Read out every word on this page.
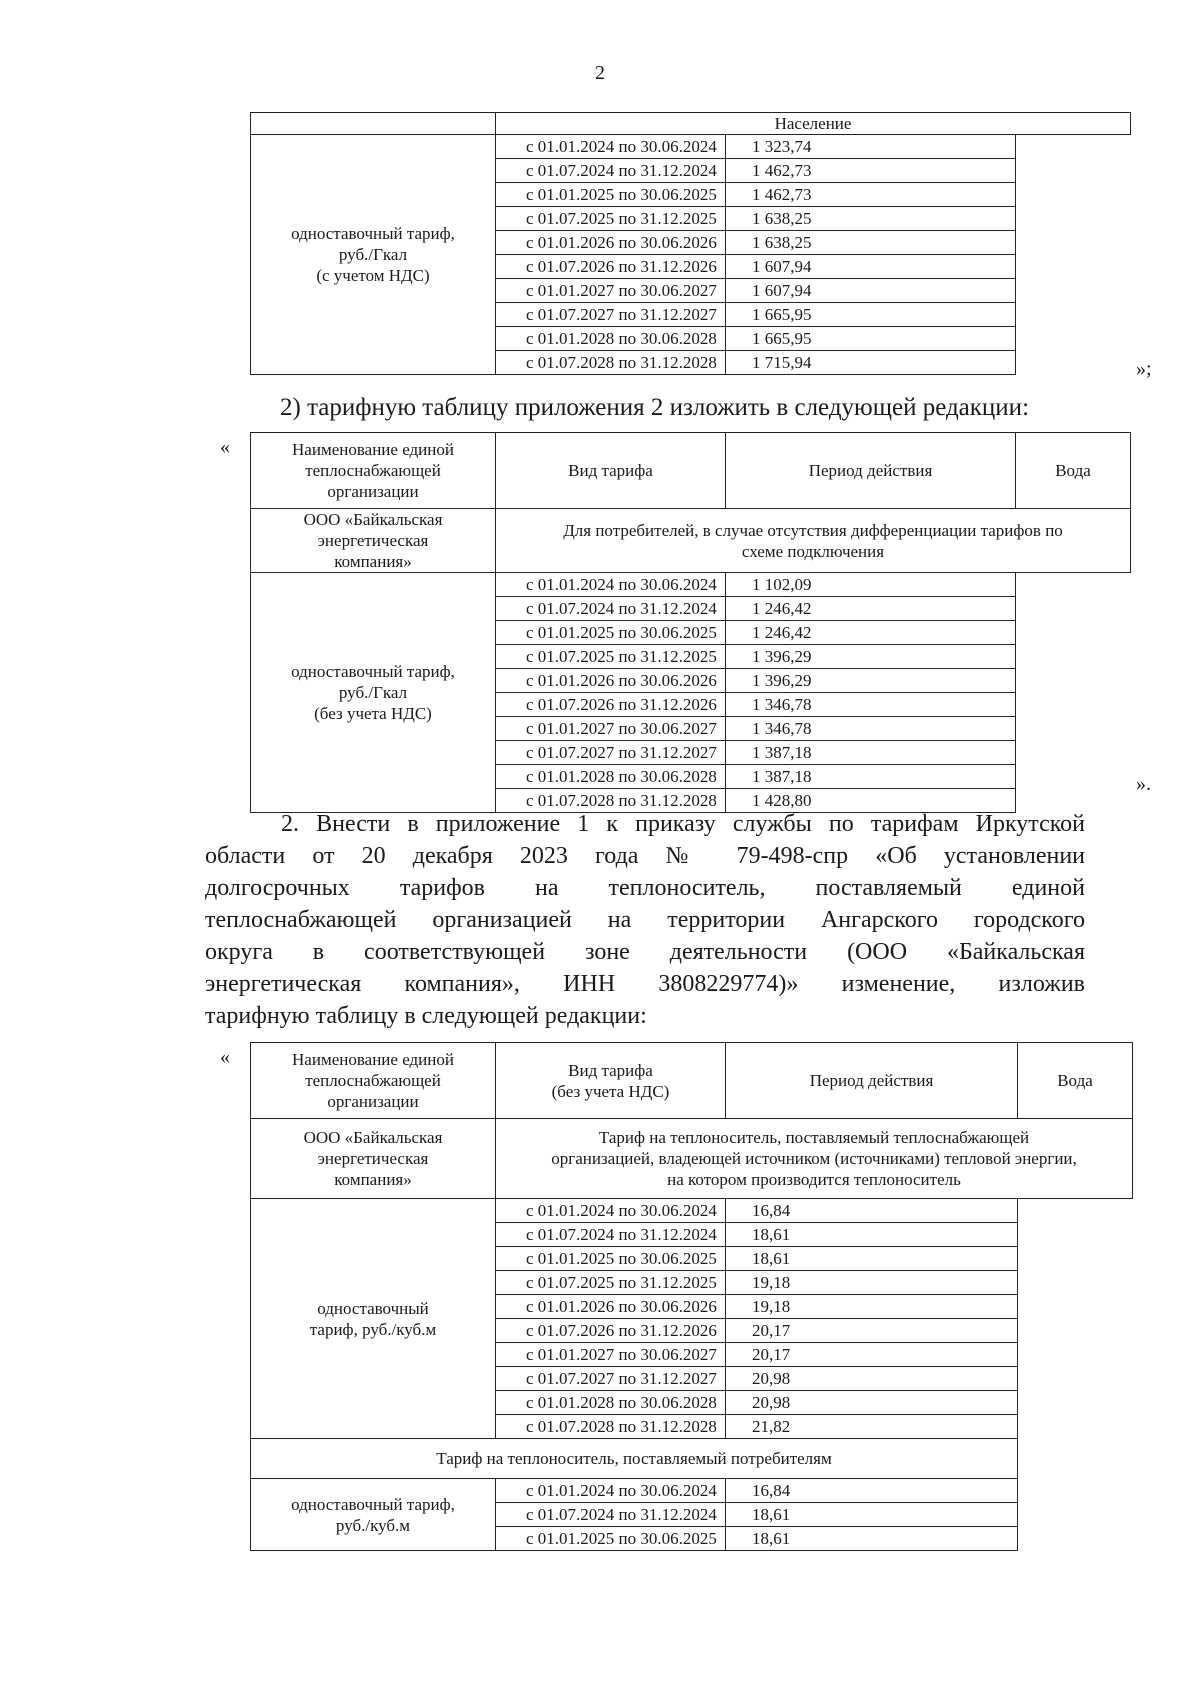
2
	Население	
одноставочный тариф,
руб./Гкал
(с учетом НДС)	с 01.01.2024 по 30.06.2024	1 323,74
	с 01.07.2024 по 31.12.2024	1 462,73
	с 01.01.2025 по 30.06.2025	1 462,73
	с 01.07.2025 по 31.12.2025	1 638,25
	с 01.01.2026 по 30.06.2026	1 638,25
	с 01.07.2026 по 31.12.2026	1 607,94
	с 01.01.2027 по 30.06.2027	1 607,94
	с 01.07.2027 по 31.12.2027	1 665,95
	с 01.01.2028 по 30.06.2028	1 665,95
	с 01.07.2028 по 31.12.2028	1 715,94	»;
2) тарифную таблицу приложения 2 изложить в следующей редакции:
«	Наименование единой
теплоснабжающей
организации	Вид тарифа	Период действия	Вода
ООО «Байкальская
энергетическая
компания»	Для потребителей, в случае отсутствия дифференциации тарифов по
схеме подключения		
одноставочный тариф,
руб./Гкал
(без учета НДС)	с 01.01.2024 по 30.06.2024	1 102,09	
	с 01.07.2024 по 31.12.2024	1 246,42	
	с 01.01.2025 по 30.06.2025	1 246,42	
	с 01.07.2025 по 31.12.2025	1 396,29	
	с 01.01.2026 по 30.06.2026	1 396,29	
	с 01.07.2026 по 31.12.2026	1 346,78	
	с 01.01.2027 по 30.06.2027	1 346,78	
	с 01.07.2027 по 31.12.2027	1 387,18	
	с 01.01.2028 по 30.06.2028	1 387,18	
	с 01.07.2028 по 31.12.2028	1 428,80	
».
2. Внести в приложение 1 к приказу службы по тарифам Иркутской
области от 20 декабря 2023 года № 79-498-спр «Об установлении
долгосрочных тарифов на теплоноситель, поставляемый единой
теплоснабжающей организацией на территории Ангарского городского
округа в соответствующей зоне деятельности (ООО «Байкальская
энергетическая компания», ИНН 3808229774)» изменение, изложив
тарифную таблицу в следующей редакции:
«	Наименование единой
теплоснабжающей
организации	Вид тарифа
(без учета НДС)	Период действия	Вода
ООО «Байкальская
энергетическая
компания»	Тариф на теплоноситель, поставляемый теплоснабжающей
организацией, владеющей источником (источниками) тепловой энергии,
на котором производится теплоноситель		
одноставочный
тариф, руб./куб.м	с 01.01.2024 по 30.06.2024	16,84	
	с 01.07.2024 по 31.12.2024	18,61	
	с 01.01.2025 по 30.06.2025	18,61	
	с 01.07.2025 по 31.12.2025	19,18	
	с 01.01.2026 по 30.06.2026	19,18	
	с 01.07.2026 по 31.12.2026	20,17	
	с 01.01.2027 по 30.06.2027	20,17	
	с 01.07.2027 по 31.12.2027	20,98	
	с 01.01.2028 по 30.06.2028	20,98	
	с 01.07.2028 по 31.12.2028	21,82	
Тариф на теплоноситель, поставляемый потребителям			
одноставочный тариф,
руб./куб.м	с 01.01.2024 по 30.06.2024	16,84	
	с 01.07.2024 по 31.12.2024	18,61	
	с 01.01.2025 по 30.06.2025	18,61	
